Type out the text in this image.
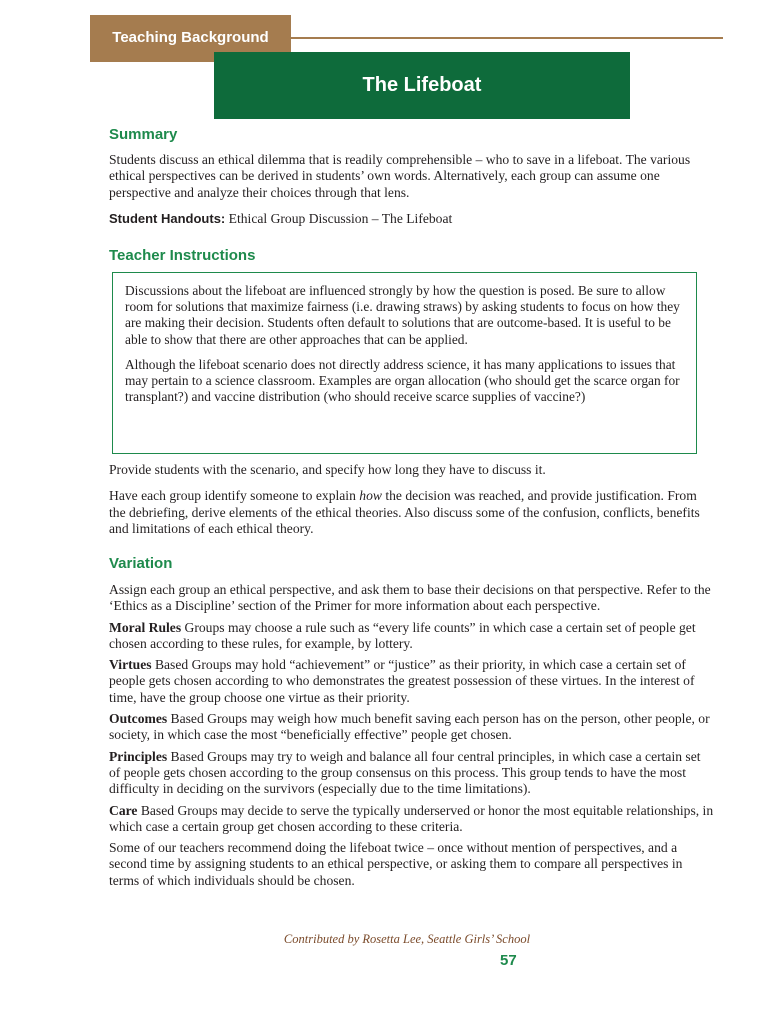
Teaching Background
The Lifeboat
Summary

Students discuss an ethical dilemma that is readily comprehensible – who to save in a lifeboat. The various ethical perspectives can be derived in students’ own words. Alternatively, each group can assume one perspective and analyze their choices through that lens.

Student Handouts: Ethical Group Discussion – The Lifeboat

Teacher Instructions

Discussions about the lifeboat are influenced strongly by how the question is posed. Be sure to allow room for solutions that maximize fairness (i.e. drawing straws) by asking students to focus on how they are making their decision. Students often default to solutions that are outcome-based. It is useful to be able to show that there are other approaches that can be applied.

Although the lifeboat scenario does not directly address science, it has many applications to issues that may pertain to a science classroom. Examples are organ allocation (who should get the scarce organ for transplant?) and vaccine distribution (who should receive scarce supplies of vaccine?)

Provide students with the scenario, and specify how long they have to discuss it.

Have each group identify someone to explain how the decision was reached, and provide justification. From the debriefing, derive elements of the ethical theories. Also discuss some of the confusion, conflicts, benefits and limitations of each ethical theory.

Variation

Assign each group an ethical perspective, and ask them to base their decisions on that perspective. Refer to the ‘Ethics as a Discipline’ section of the Primer for more information about each perspective.

Moral Rules Groups may choose a rule such as “every life counts” in which case a certain set of people get chosen according to these rules, for example, by lottery.

Virtues Based Groups may hold “achievement” or “justice” as their priority, in which case a certain set of people gets chosen according to who demonstrates the greatest possession of these virtues. In the interest of time, have the group choose one virtue as their priority.

Outcomes Based Groups may weigh how much benefit saving each person has on the person, other people, or society, in which case the most “beneficially effective” people get chosen.

Principles Based Groups may try to weigh and balance all four central principles, in which case a certain set of people gets chosen according to the group consensus on this process. This group tends to have the most difficulty in deciding on the survivors (especially due to the time limitations).

Care Based Groups may decide to serve the typically underserved or honor the most equitable relationships, in which case a certain group get chosen according to these criteria.

Some of our teachers recommend doing the lifeboat twice – once without mention of perspectives, and a second time by assigning students to an ethical perspective, or asking them to compare all perspectives in terms of which individuals should be chosen.

Contributed by Rosetta Lee, Seattle Girls’ School
57
